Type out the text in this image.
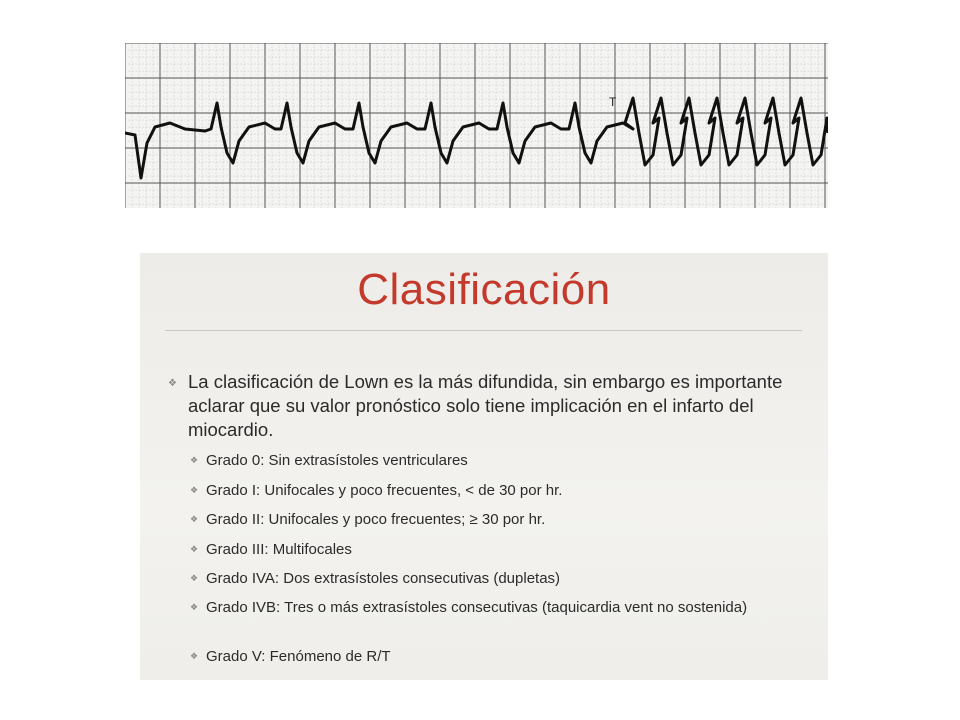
T
Clasificación
❖ La clasificación de Lown es la más difundida, sin embargo es importante aclarar que su valor pronóstico solo tiene implicación en el infarto del miocardio.
❖ Grado 0: Sin extrasístoles ventriculares
❖ Grado I: Unifocales y poco frecuentes, < de 30 por hr.
❖ Grado II: Unifocales y poco frecuentes; ≥ 30 por hr.
❖ Grado III: Multifocales
❖ Grado IVA: Dos extrasístoles consecutivas (dupletas)
❖ Grado IVB: Tres o más extrasístoles consecutivas (taquicardia vent no sostenida)
❖ Grado V: Fenómeno de R/T
